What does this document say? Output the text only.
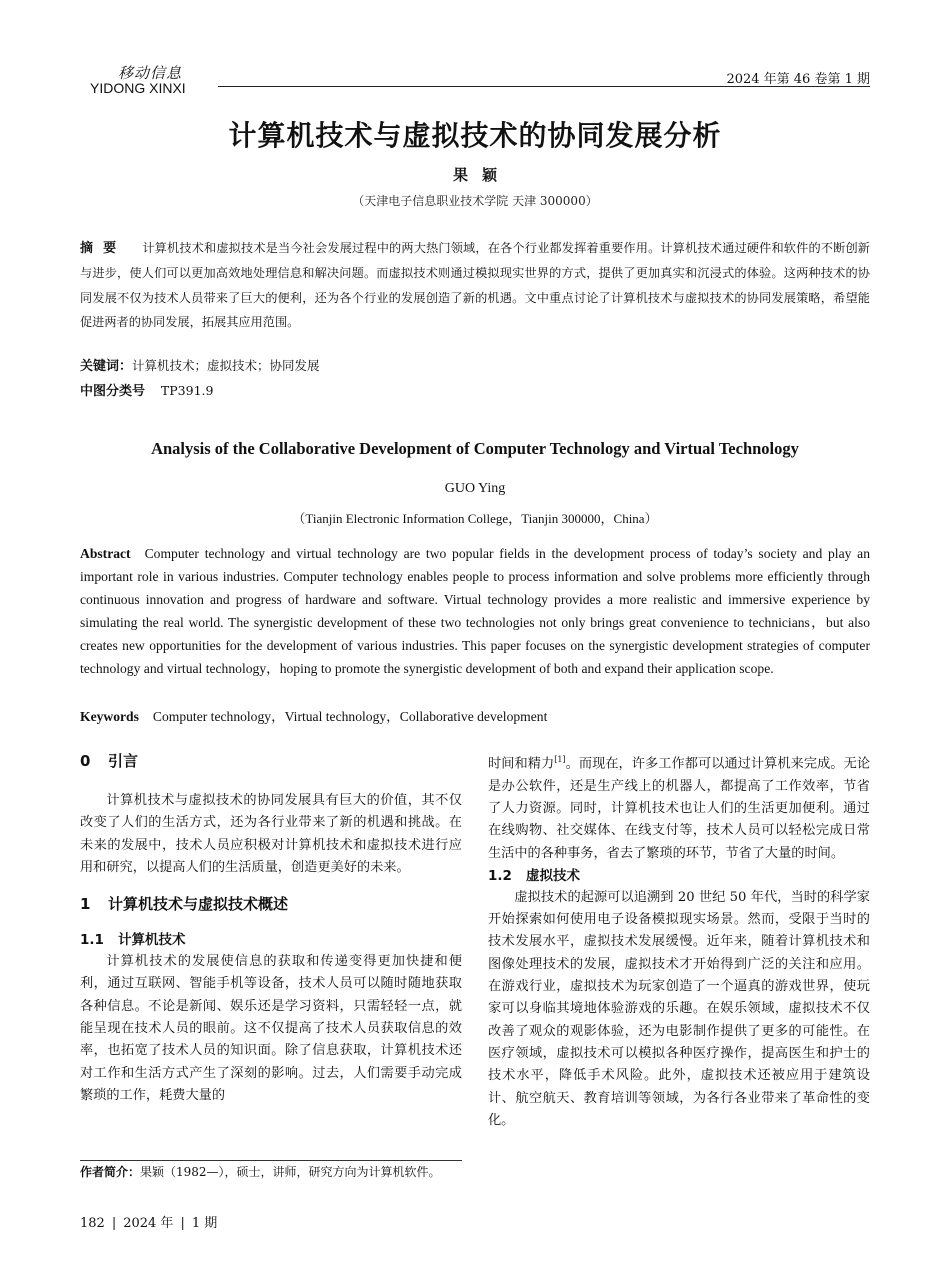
移动信息
YIDONG XINXI
2024 年第 46 卷第 1 期
计算机技术与虚拟技术的协同发展分析
果颖
（天津电子信息职业技术学院 天津 300000）
摘要 计算机技术和虚拟技术是当今社会发展过程中的两大热门领域，在各个行业都发挥着重要作用。计算机技术通过硬件和软件的不断创新与进步，使人们可以更加高效地处理信息和解决问题。而虚拟技术则通过模拟现实世界的方式，提供了更加真实和沉浸式的体验。这两种技术的协同发展不仅为技术人员带来了巨大的便利，还为各个行业的发展创造了新的机遇。文中重点讨论了计算机技术与虚拟技术的协同发展策略，希望能促进两者的协同发展，拓展其应用范围。
关键词：计算机技术；虚拟技术；协同发展
中图分类号 TP391.9
Analysis of the Collaborative Development of Computer Technology and Virtual Technology
GUO Ying
（Tianjin Electronic Information College，Tianjin 300000，China）
Abstract Computer technology and virtual technology are two popular fields in the development process of today’s society and play an important role in various industries. Computer technology enables people to process information and solve problems more efficiently through continuous innovation and progress of hardware and software. Virtual technology provides a more realistic and immersive experience by simulating the real world. The synergistic development of these two technologies not only brings great convenience to technicians，but also creates new opportunities for the development of various industries. This paper focuses on the synergistic development strategies of computer technology and virtual technology，hoping to promote the synergistic development of both and expand their application scope.
Keywords Computer technology，Virtual technology，Collaborative development
0 引言

计算机技术与虚拟技术的协同发展具有巨大的价值，其不仅改变了人们的生活方式，还为各行业带来了新的机遇和挑战。在未来的发展中，技术人员应积极对计算机技术和虚拟技术进行应用和研究，以提高人们的生活质量，创造更美好的未来。

1 计算机技术与虚拟技术概述
1.1 计算机技术

计算机技术的发展使信息的获取和传递变得更加快捷和便利，通过互联网、智能手机等设备，技术人员可以随时随地获取各种信息。不论是新闻、娱乐还是学习资料，只需轻轻一点，就能呈现在技术人员的眼前。这不仅提高了技术人员获取信息的效率，也拓宽了技术人员的知识面。除了信息获取，计算机技术还对工作和生活方式产生了深刻的影响。过去，人们需要手动完成繁琐的工作，耗费大量的

作者简介：果颖（1982—），硕士，讲师，研究方向为计算机软件。

时间和精力[1]。而现在，许多工作都可以通过计算机来完成。无论是办公软件，还是生产线上的机器人，都提高了工作效率，节省了人力资源。同时，计算机技术也让人们的生活更加便利。通过在线购物、社交媒体、在线支付等，技术人员可以轻松完成日常生活中的各种事务，省去了繁琐的环节，节省了大量的时间。

1.2 虚拟技术

虚拟技术的起源可以追溯到 20 世纪 50 年代，当时的科学家开始探索如何使用电子设备模拟现实场景。然而，受限于当时的技术发展水平，虚拟技术发展缓慢。近年来，随着计算机技术和图像处理技术的发展，虚拟技术才开始得到广泛的关注和应用。在游戏行业，虚拟技术为玩家创造了一个逼真的游戏世界，使玩家可以身临其境地体验游戏的乐趣。在娱乐领域，虚拟技术不仅改善了观众的观影体验，还为电影制作提供了更多的可能性。在医疗领域，虚拟技术可以模拟各种医疗操作，提高医生和护士的技术水平，降低手术风险。此外，虚拟技术还被应用于建筑设计、航空航天、教育培训等领域，为各行各业带来了革命性的变化。

182 | 2024 年 | 1 期
